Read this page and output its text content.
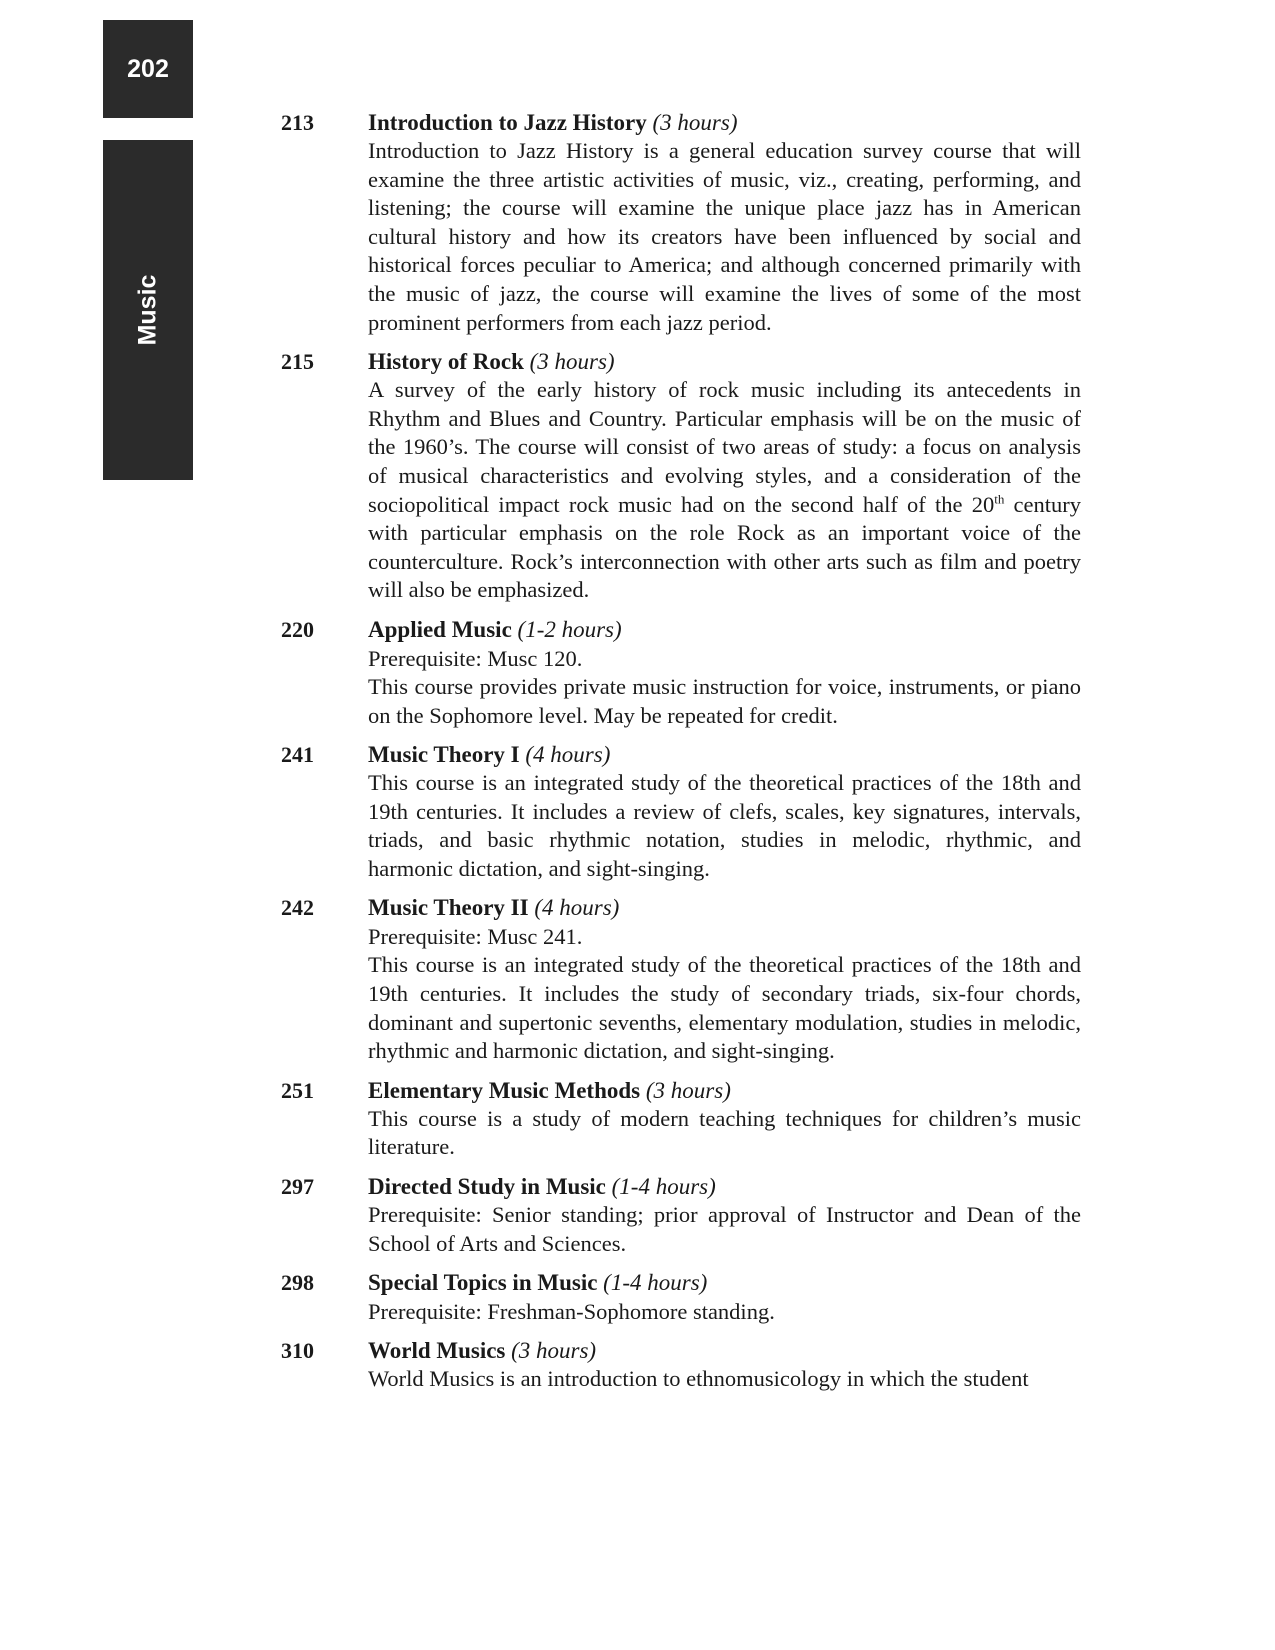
202
Music
213	Introduction to Jazz History (3 hours)

Introduction to Jazz History is a general education survey course that will examine the three artistic activities of music, viz., creating, performing, and listening; the course will examine the unique place jazz has in American cultural history and how its creators have been influenced by social and historical forces peculiar to America; and although concerned primarily with the music of jazz, the course will examine the lives of some of the most prominent performers from each jazz period.

215	History of Rock (3 hours)

A survey of the early history of rock music including its antecedents in Rhythm and Blues and Country. Particular emphasis will be on the music of the 1960’s. The course will consist of two areas of study: a focus on analysis of musical characteristics and evolving styles, and a consideration of the sociopolitical impact rock music had on the second half of the 20th century with particular emphasis on the role Rock as an important voice of the counterculture. Rock’s interconnection with other arts such as film and poetry will also be emphasized.

220	Applied Music (1-2 hours)
Prerequisite: Musc 120.

This course provides private music instruction for voice, instruments, or piano on the Sophomore level. May be repeated for credit.

241	Music Theory I (4 hours)

This course is an integrated study of the theoretical practices of the 18th and 19th centuries. It includes a review of clefs, scales, key signatures, intervals, triads, and basic rhythmic notation, studies in melodic, rhythmic, and harmonic dictation, and sight-singing.

242	Music Theory II (4 hours)
Prerequisite: Musc 241.

This course is an integrated study of the theoretical practices of the 18th and 19th centuries. It includes the study of secondary triads, six-four chords, dominant and supertonic sevenths, elementary modulation, studies in melodic, rhythmic and harmonic dictation, and sight-singing.

251	Elementary Music Methods (3 hours)

This course is a study of modern teaching techniques for children’s music literature.

297	Directed Study in Music (1-4 hours)

Prerequisite: Senior standing; prior approval of Instructor and Dean of the School of Arts and Sciences.

298	Special Topics in Music (1-4 hours)
Prerequisite: Freshman-Sophomore standing.
310	World Musics (3 hours)

World Musics is an introduction to ethnomusicology in which the student
